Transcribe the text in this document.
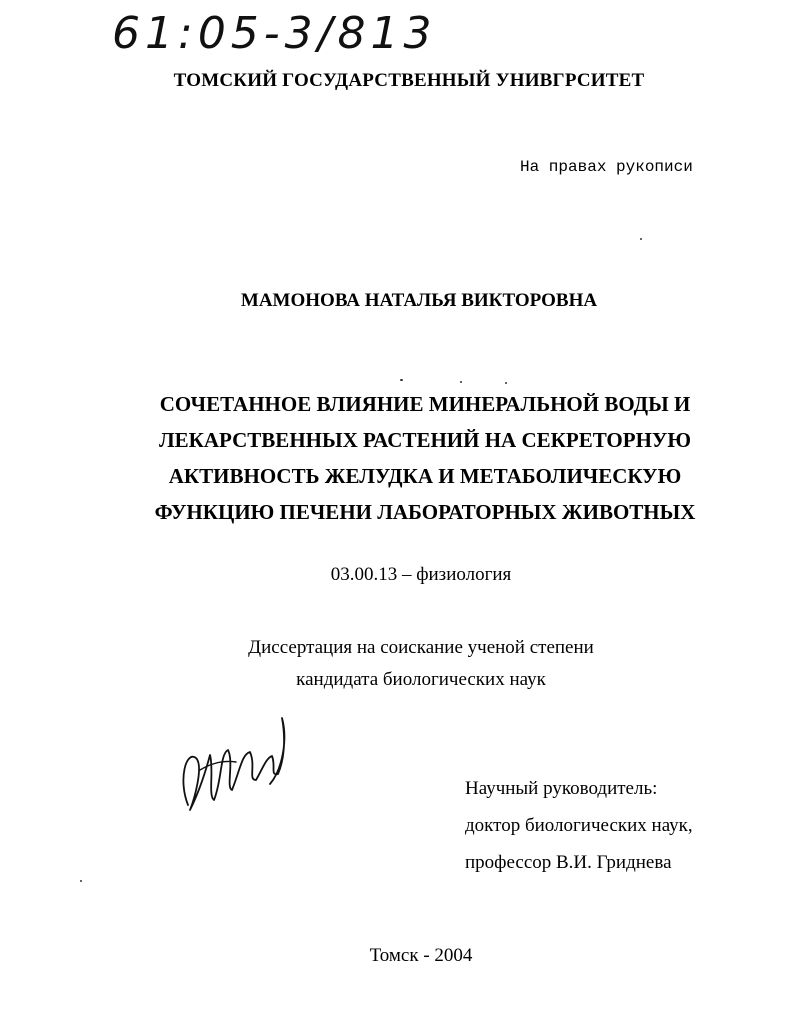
61:05-3/813
ТОМСКИЙ ГОСУДАРСТВЕННЫЙ УНИВГРСИТЕТ
На правах рукописи
МАМОНОВА НАТАЛЬЯ ВИКТОРОВНА
СОЧЕТАННОЕ ВЛИЯНИЕ МИНЕРАЛЬНОЙ ВОДЫ И
ЛЕКАРСТВЕННЫХ РАСТЕНИЙ НА СЕКРЕТОРНУЮ
АКТИВНОСТЬ ЖЕЛУДКА И МЕТАБОЛИЧЕСКУЮ
ФУНКЦИЮ ПЕЧЕНИ ЛАБОРАТОРНЫХ ЖИВОТНЫХ
03.00.13 – физиология
Диссертация на соискание ученой степени
кандидата биологических наук
Научный руководитель:
доктор биологических наук,
профессор В.И. Гриднева
Томск - 2004
